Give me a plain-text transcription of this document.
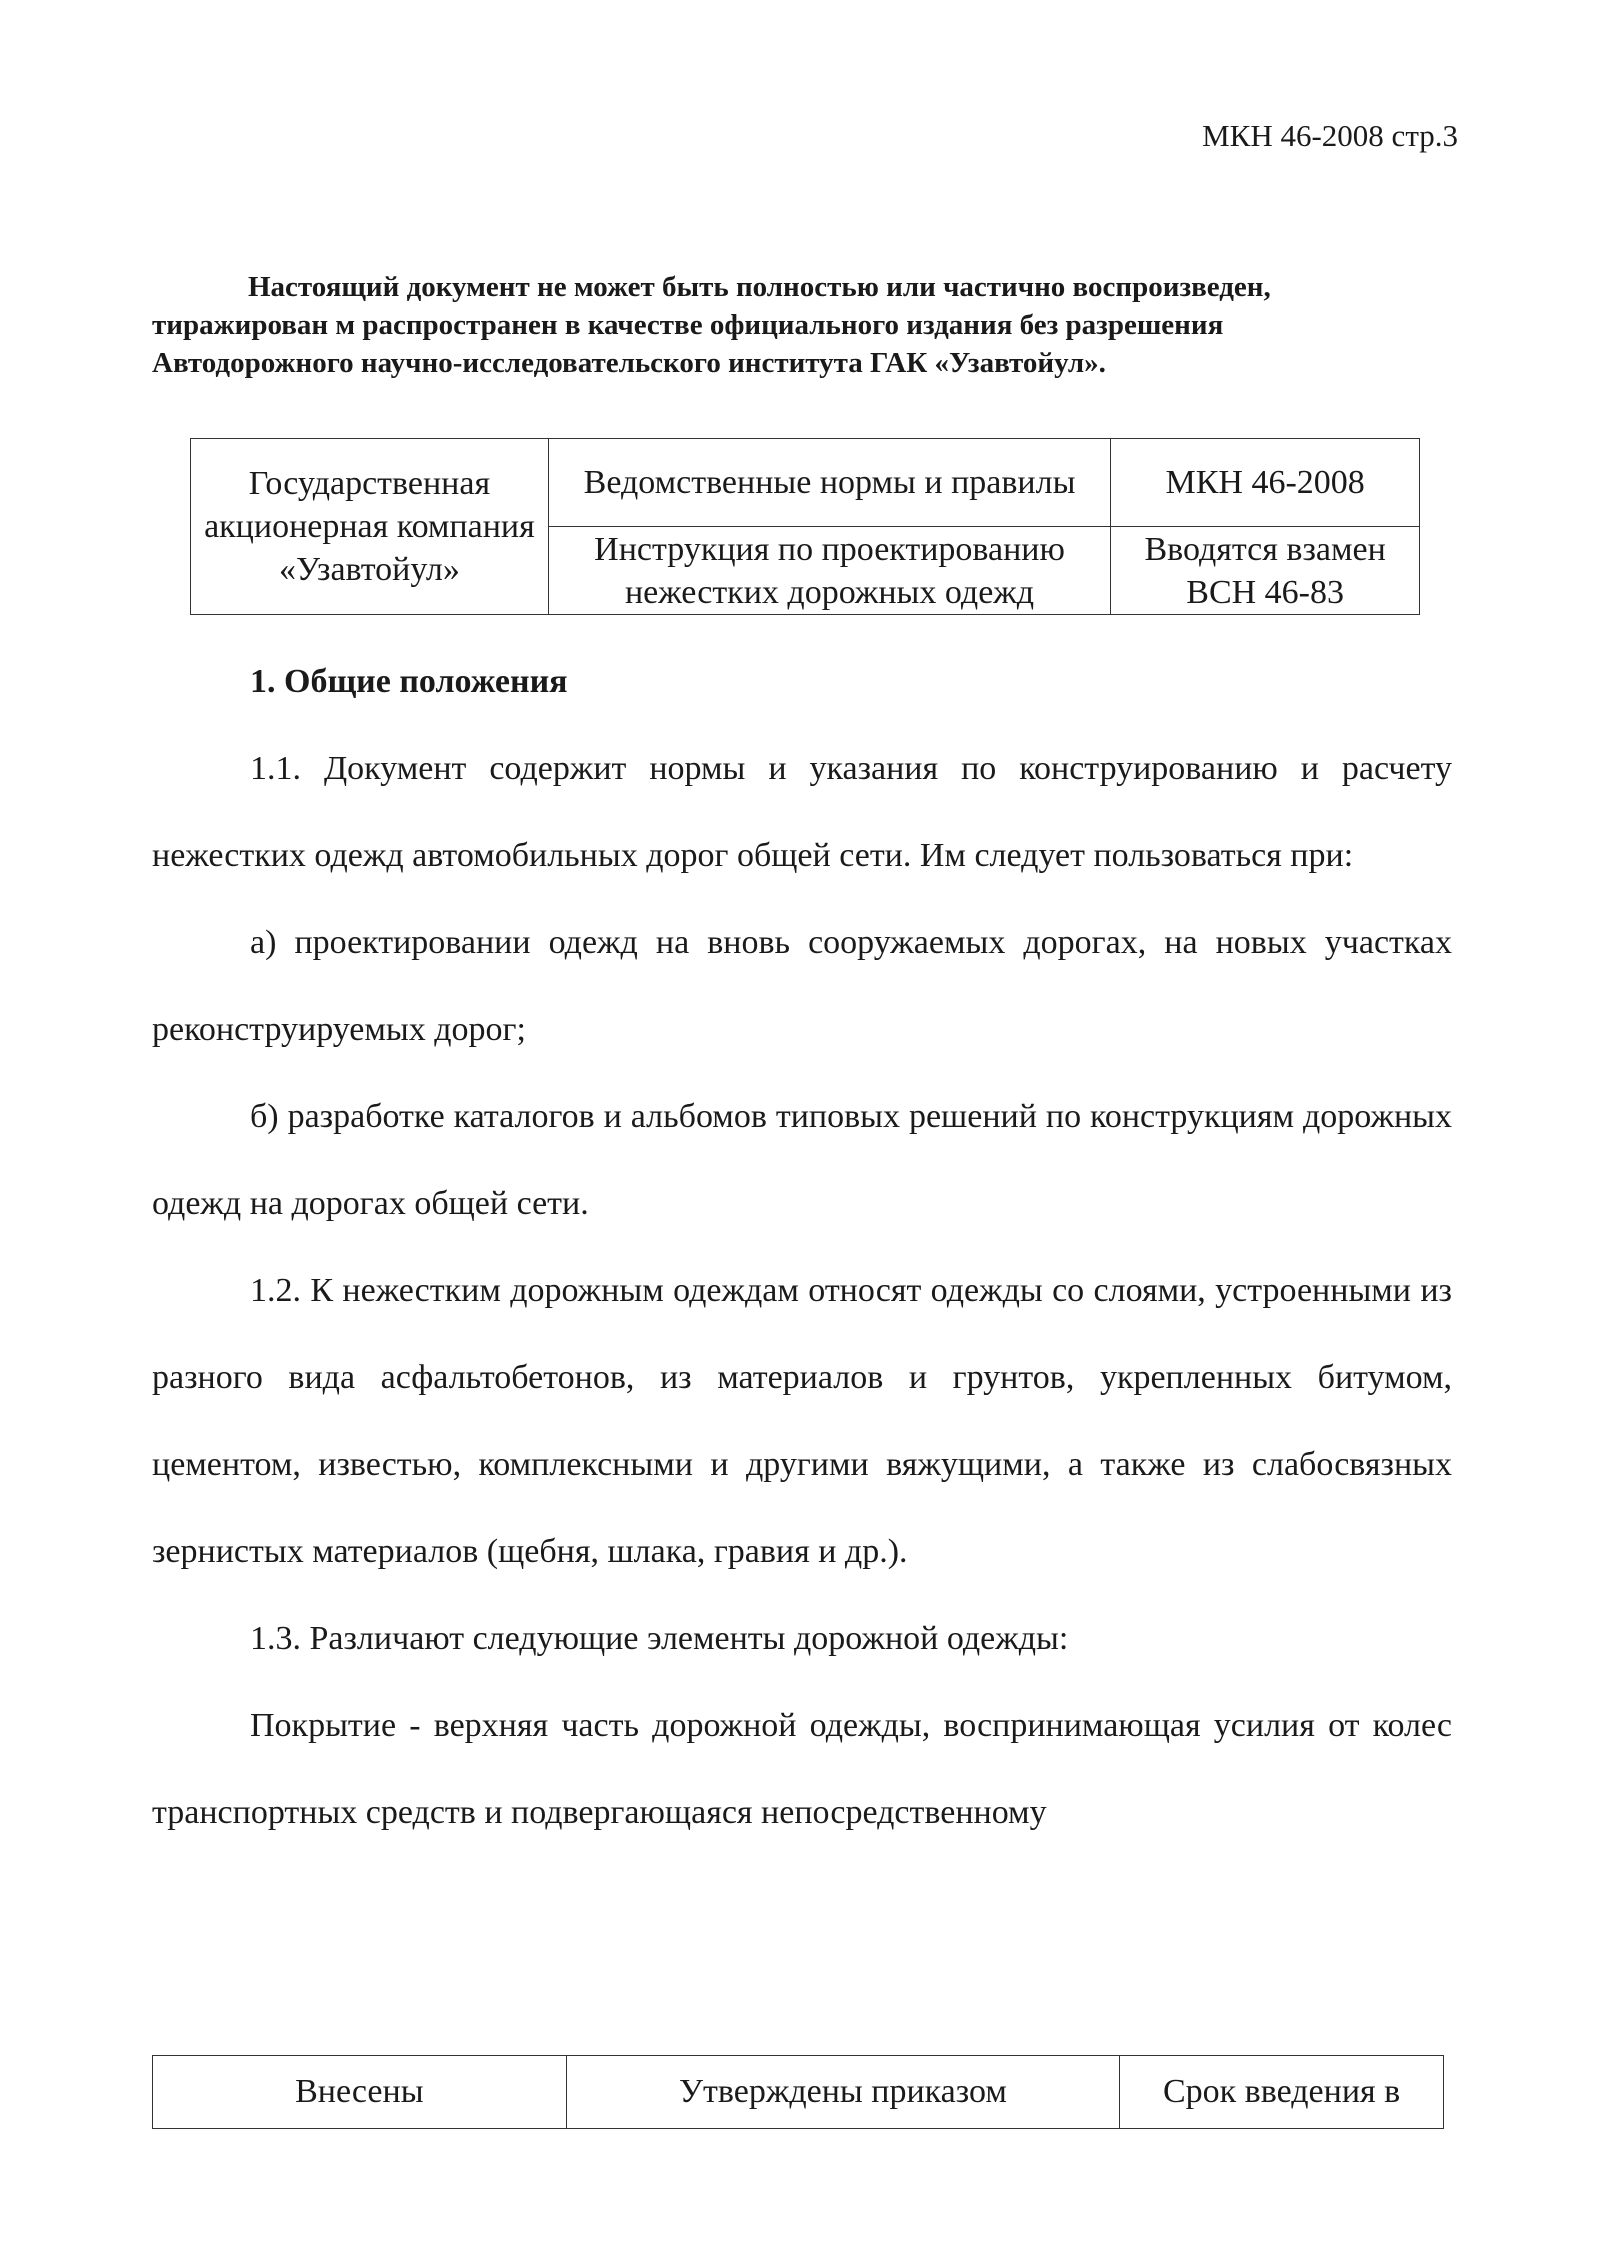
МКН 46-2008 стр.3
Настоящий документ не может быть полностью или частично воспроизведен,
тиражирован м распространен в качестве официального издания без разрешения
Автодорожного научно-исследовательского института ГАК «Узавтойул».
Государственная акционерная компания «Узавтойул»	Ведомственные нормы и правилы	МКН 46-2008
	Инструкция по проектированию нежестких дорожных одежд	Вводятся взамен ВСН 46-83
1. Общие положения

1.1. Документ содержит нормы и указания по конструированию и расчету нежестких одежд автомобильных дорог общей сети. Им следует пользоваться при:

а) проектировании одежд на вновь сооружаемых дорогах, на новых участках реконструируемых дорог;

б) разработке каталогов и альбомов типовых решений по конструкциям дорожных одежд на дорогах общей сети.

1.2. К нежестким дорожным одеждам относят одежды со слоями, устроенными из разного вида асфальтобетонов, из материалов и грунтов, укрепленных битумом, цементом, известью, комплексными и другими вяжущими, а также из слабосвязных зернистых материалов (щебня, шлака, гравия и др.).

1.3. Различают следующие элементы дорожной одежды:

Покрытие - верхняя часть дорожной одежды, воспринимающая усилия от колес транспортных средств и подвергающаяся непосредственному

Внесены	Утверждены приказом	Срок введения в
